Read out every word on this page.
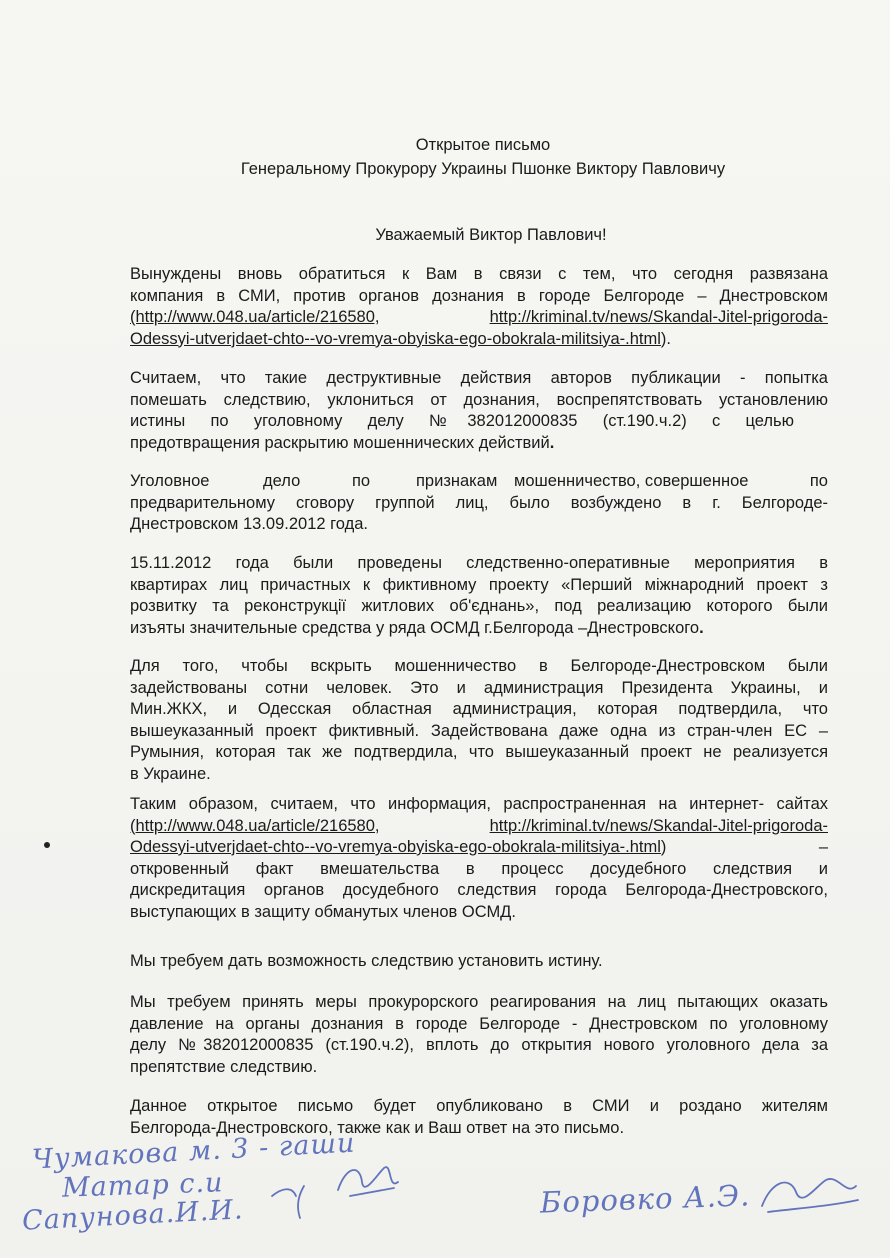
Открытое письмо
Генеральному Прокурору Украины Пшонке Виктору Павловичу
Уважаемый Виктор Павлович!
Вынуждены вновь обратиться к Вам в связи с тем, что сегодня развязана
компания в СМИ, против органов дознания в городе Белгороде – Днестровском
(http://www.048.ua/article/216580,	http://kriminal.tv/news/Skandal-Jitel-prigoroda-
Odessyi-utverjdaet-chto--vo-vremya-obyiska-ego-obokrala-militsiya-.html).
Считаем, что такие деструктивные действия авторов публикации - попытка
помешать следствию, уклониться от дознания, воспрепятствовать установлению
истины по уголовному делу №382012000835 (ст.190.ч.2) с целью
предотвращения раскрытию мошеннических действий.
Уголовное	дело	по	признакам мошенничество, совершенное	по
предварительному сговору группой лиц, было возбуждено в г. Белгороде-
Днестровском 13.09.2012 года.
15.11.2012 года были проведены следственно-оперативные мероприятия в
квартирах лиц причастных к фиктивному проекту «Перший міжнародний проект з
розвитку та реконструкції житлових об'єднань», под реализацию которого были
изъяты значительные средства у ряда ОСМД г.Белгорода –Днестровского.
Для того, чтобы вскрыть мошенничество в Белгороде-Днестровском были
задействованы сотни человек. Это и администрация Президента Украины, и
Мин.ЖКХ, и Одесская областная администрация, которая подтвердила, что
вышеуказанный проект фиктивный. Задействована даже одна из стран-член ЕС –
Румыния, которая так же подтвердила, что вышеуказанный проект не реализуется
в Украине.
Таким образом, считаем, что информация, распространенная на интернет- сайтах
(http://www.048.ua/article/216580,	http://kriminal.tv/news/Skandal-Jitel-prigoroda-
Odessyi-utverjdaet-chto--vo-vremya-obyiska-ego-obokrala-militsiya-.html)	–
откровенный факт вмешательства в процесс досудебного следствия и
дискредитация органов досудебного следствия города Белгорода-Днестровского,
выступающих в защиту обманутых членов ОСМД.
Мы требуем дать возможность следствию установить истину.
Мы требуем принять меры прокурорского реагирования на лиц пытающих оказать
давление на органы дознания в городе Белгороде - Днестровском по уголовному
делу №382012000835 (ст.190.ч.2), вплоть до открытия нового уголовного дела за
препятствие следствию.
Данное открытое письмо будет опубликовано в СМИ и роздано жителям
Белгорода-Днестровского, также как и Ваш ответ на это письмо.
Чумакова м. 3 - гаши
Матар с.и
Сапунова.И.И.	Боровко А.Э.
